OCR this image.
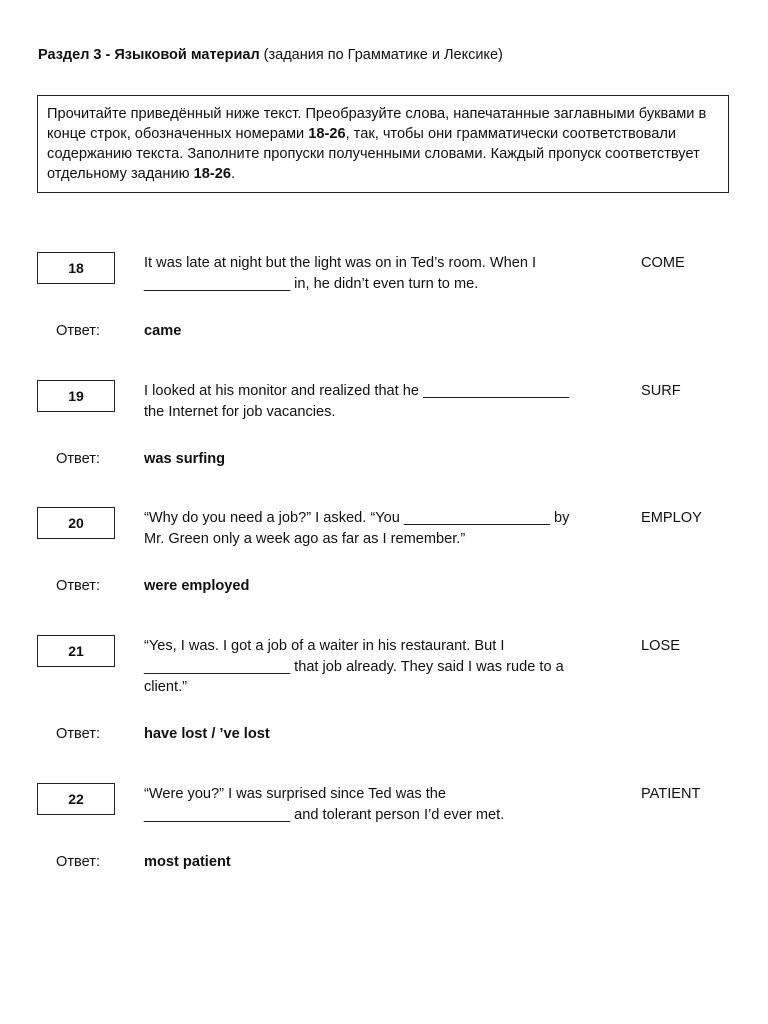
Раздел 3 - Языковой материал (задания по Грамматике и Лексике)
Прочитайте приведённый ниже текст. Преобразуйте слова, напечатанные заглавными буквами в конце строк, обозначенных номерами 18-26, так, чтобы они грамматически соответствовали содержанию текста. Заполните пропуски полученными словами. Каждый пропуск соответствует отдельному заданию 18-26.
18	It was late at night but the light was on in Ted’s room. When I
__________________ in, he didn’t even turn to me.
COME
Ответ:	came
19	I looked at his monitor and realized that he __________________
the Internet for job vacancies.
SURF
Ответ:	was surfing
20	“Why do you need a job?” I asked. “You __________________ by
Mr. Green only a week ago as far as I remember.”
EMPLOY
Ответ:	were employed
21	“Yes, I was. I got a job of a waiter in his restaurant. But I
__________________ that job already. They said I was rude to a
client.”
LOSE
Ответ:	have lost / ’ve lost
22	“Were you?” I was surprised since Ted was the
__________________ and tolerant person I’d ever met.
PATIENT
Ответ:	most patient
